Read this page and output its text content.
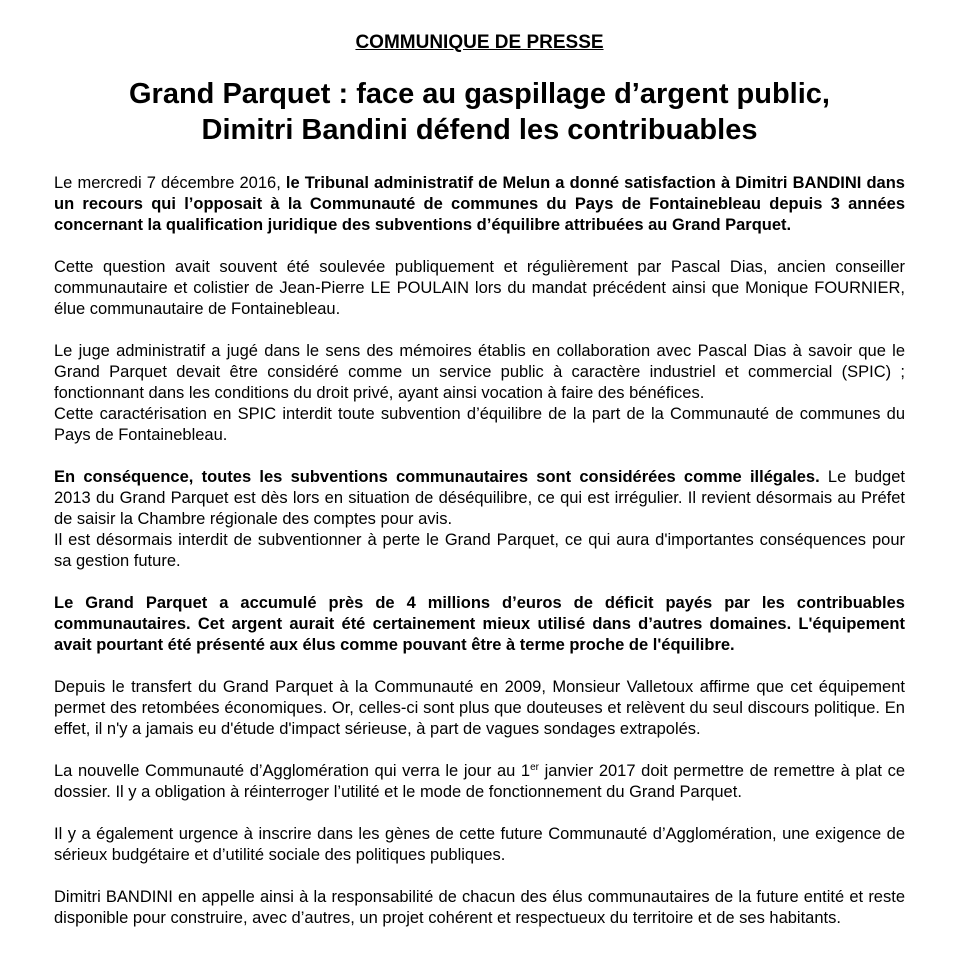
COMMUNIQUE DE PRESSE
Grand Parquet : face au gaspillage d’argent public,
Dimitri Bandini défend les contribuables

Le mercredi 7 décembre 2016, le Tribunal administratif de Melun a donné satisfaction à Dimitri BANDINI dans un recours qui l’opposait à la Communauté de communes du Pays de Fontainebleau depuis 3 années concernant la qualification juridique des subventions d’équilibre attribuées au Grand Parquet.

Cette question avait souvent été soulevée publiquement et régulièrement par Pascal Dias, ancien conseiller communautaire et colistier de Jean-Pierre LE POULAIN lors du mandat précédent ainsi que Monique FOURNIER, élue communautaire de Fontainebleau.

Le juge administratif a jugé dans le sens des mémoires établis en collaboration avec Pascal Dias à savoir que le Grand Parquet devait être considéré comme un service public à caractère industriel et commercial (SPIC) ; fonctionnant dans les conditions du droit privé, ayant ainsi vocation à faire des bénéfices.

Cette caractérisation en SPIC interdit toute subvention d’équilibre de la part de la Communauté de communes du Pays de Fontainebleau.

En conséquence, toutes les subventions communautaires sont considérées comme illégales. Le budget 2013 du Grand Parquet est dès lors en situation de déséquilibre, ce qui est irrégulier. Il revient désormais au Préfet de saisir la Chambre régionale des comptes pour avis.

Il est désormais interdit de subventionner à perte le Grand Parquet, ce qui aura d'importantes conséquences pour sa gestion future.

Le Grand Parquet a accumulé près de 4 millions d’euros de déficit payés par les contribuables communautaires. Cet argent aurait été certainement mieux utilisé dans d’autres domaines. L'équipement avait pourtant été présenté aux élus comme pouvant être à terme proche de l'équilibre.

Depuis le transfert du Grand Parquet à la Communauté en 2009, Monsieur Valletoux affirme que cet équipement permet des retombées économiques. Or, celles-ci sont plus que douteuses et relèvent du seul discours politique. En effet, il n'y a jamais eu d'étude d'impact sérieuse, à part de vagues sondages extrapolés.

La nouvelle Communauté d’Agglomération qui verra le jour au 1er janvier 2017 doit permettre de remettre à plat ce dossier. Il y a obligation à réinterroger l’utilité et le mode de fonctionnement du Grand Parquet.

Il y a également urgence à inscrire dans les gènes de cette future Communauté d’Agglomération, une exigence de sérieux budgétaire et d’utilité sociale des politiques publiques.

Dimitri BANDINI en appelle ainsi à la responsabilité de chacun des élus communautaires de la future entité et reste disponible pour construire, avec d’autres, un projet cohérent et respectueux du territoire et de ses habitants.
